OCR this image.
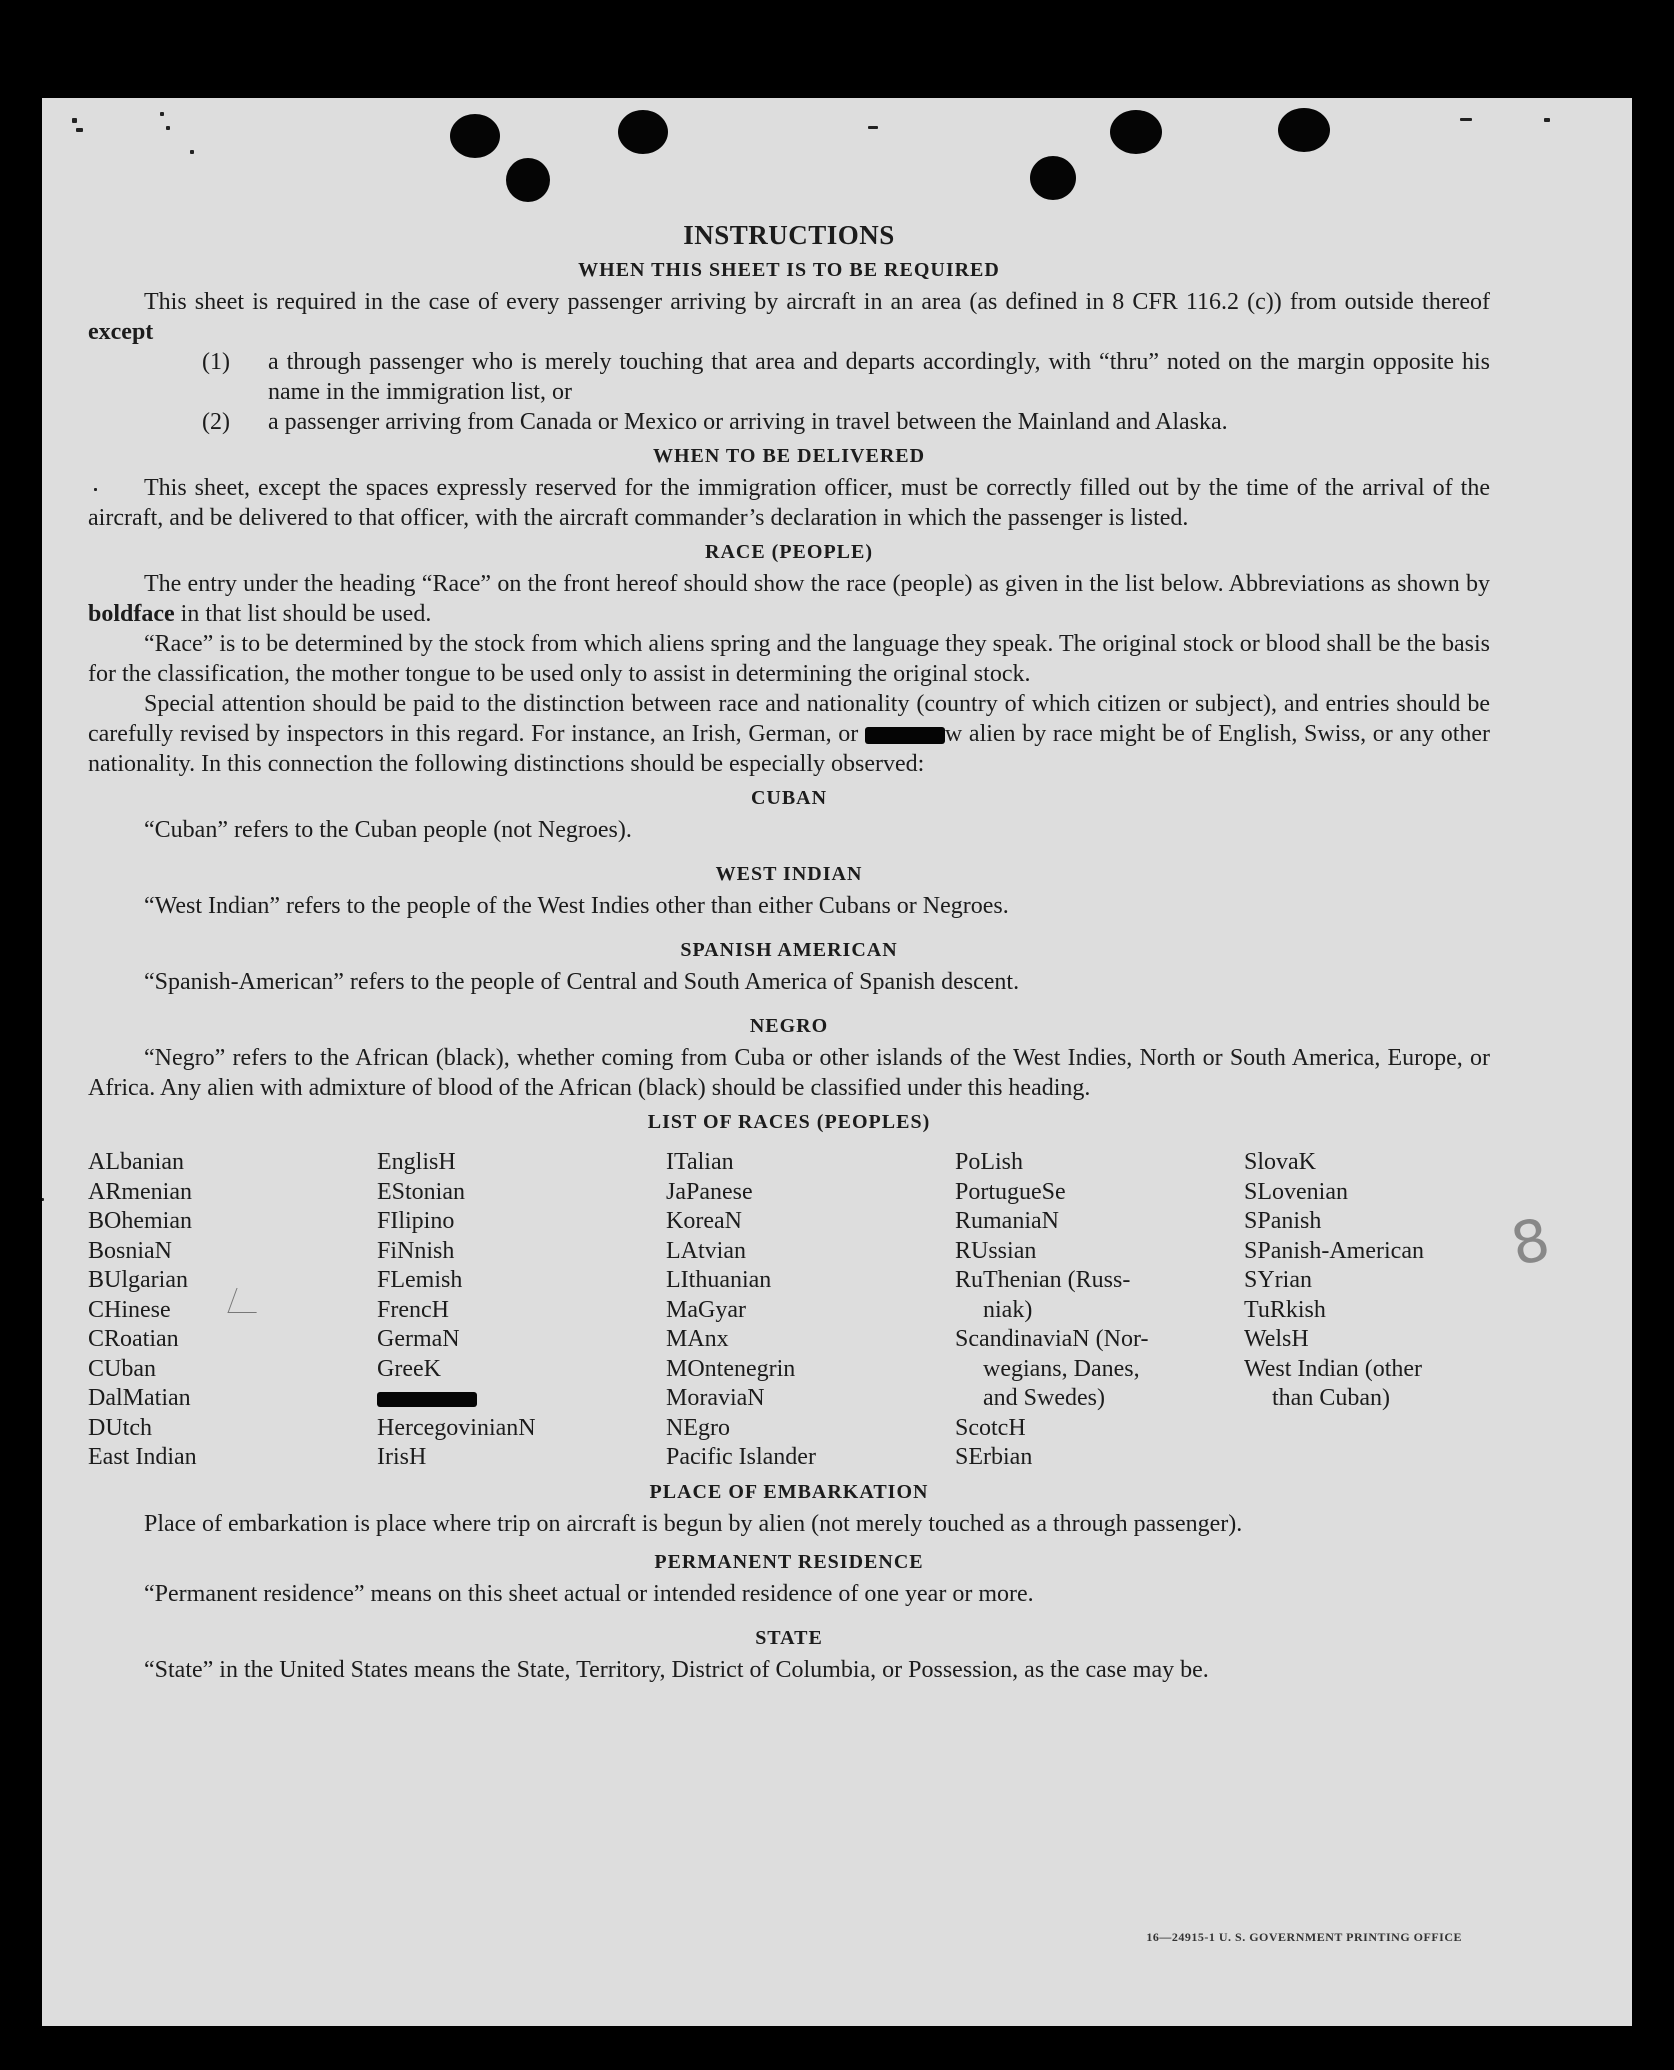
INSTRUCTIONS
WHEN THIS SHEET IS TO BE REQUIRED

This sheet is required in the case of every passenger arriving by aircraft in an area (as defined in 8 CFR 116.2 (c)) from outside thereof except

(1)	a through passenger who is merely touching that area and departs accordingly, with “thru” noted on the margin opposite his name in the immigration list, or
(2)	a passenger arriving from Canada or Mexico or arriving in travel between the Mainland and Alaska.
WHEN TO BE DELIVERED

This sheet, except the spaces expressly reserved for the immigration officer, must be correctly filled out by the time of the arrival of the aircraft, and be delivered to that officer, with the aircraft commander’s declaration in which the passenger is listed.

RACE (PEOPLE)

The entry under the heading “Race” on the front hereof should show the race (people) as given in the list below. Abbreviations as shown by boldface in that list should be used.

“Race” is to be determined by the stock from which aliens spring and the language they speak. The original stock or blood shall be the basis for the classification, the mother tongue to be used only to assist in determining the original stock.

Special attention should be paid to the distinction between race and nationality (country of which citizen or subject), and entries should be carefully revised by inspectors in this regard. For instance, an Irish, German, or	w alien by race might be of English, Swiss, or any other nationality. In this connection the following distinctions should be especially observed:

CUBAN

“Cuban” refers to the Cuban people (not Negroes).

WEST INDIAN

“West Indian” refers to the people of the West Indies other than either Cubans or Negroes.

SPANISH AMERICAN

“Spanish-American” refers to the people of Central and South America of Spanish descent.

NEGRO

“Negro” refers to the African (black), whether coming from Cuba or other islands of the West Indies, North or South America, Europe, or Africa. Any alien with admixture of blood of the African (black) should be classified under this heading.

LIST OF RACES (PEOPLES)
ALbanian
ARmenian
BOhemian
BosniaN
BUlgarian
CHinese
CRoatian
CUban
DalMatian
DUtch
East Indian
EnglisH
EStonian
FIlipino
FiNnish
FLemish
FrencH
GermaN
GreeK
HercegovinianN
IrisH
ITalian
JaPanese
KoreaN
LAtvian
LIthuanian
MaGyar
MAnx
MOntenegrin
MoraviaN
NEgro
Pacific Islander
PoLish
PortugueSe
RumaniaN
RUssian
RuThenian (Russ-
niak)
ScandinaviaN (Nor-
wegians, Danes,
and Swedes)
ScotcH
SErbian
SlovaK
SLovenian
SPanish
SPanish-American
SYrian
TuRkish
WelsH
West Indian (other
than Cuban)
PLACE OF EMBARKATION

Place of embarkation is place where trip on aircraft is begun by alien (not merely touched as a through passenger).

PERMANENT RESIDENCE

“Permanent residence” means on this sheet actual or intended residence of one year or more.

STATE

“State” in the United States means the State, Territory, District of Columbia, or Possession, as the case may be.

16—24915-1 U. S. GOVERNMENT PRINTING OFFICE
8
